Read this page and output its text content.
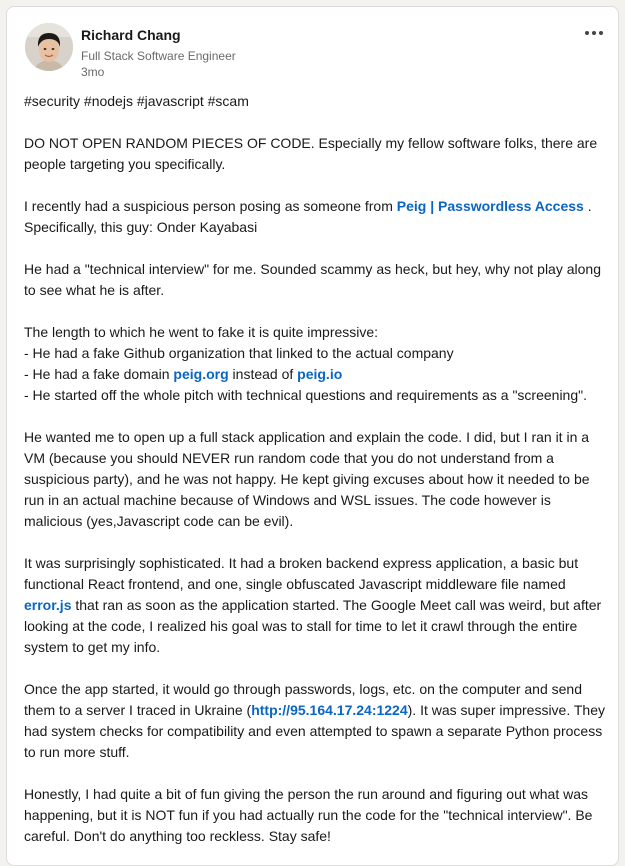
Richard Chang
Full Stack Software Engineer
3mo

#security #nodejs #javascript #scam

DO NOT OPEN RANDOM PIECES OF CODE. Especially my fellow software folks, there are people targeting you specifically.

I recently had a suspicious person posing as someone from Peig | Passwordless Access .
Specifically, this guy: Onder Kayabasi

He had a "technical interview" for me. Sounded scammy as heck, but hey, why not play along to see what he is after.

The length to which he went to fake it is quite impressive:
- He had a fake Github organization that linked to the actual company
- He had a fake domain peig.org instead of peig.io
- He started off the whole pitch with technical questions and requirements as a "screening".

He wanted me to open up a full stack application and explain the code. I did, but I ran it in a VM (because you should NEVER run random code that you do not understand from a suspicious party), and he was not happy. He kept giving excuses about how it needed to be run in an actual machine because of Windows and WSL issues. The code however is malicious (yes,Javascript code can be evil).

It was surprisingly sophisticated. It had a broken backend express application, a basic but functional React frontend, and one, single obfuscated Javascript middleware file named error.js that ran as soon as the application started. The Google Meet call was weird, but after looking at the code, I realized his goal was to stall for time to let it crawl through the entire system to get my info.

Once the app started, it would go through passwords, logs, etc. on the computer and send them to a server I traced in Ukraine (http://95.164.17.24:1224). It was super impressive. They had system checks for compatibility and even attempted to spawn a separate Python process to run more stuff.

Honestly, I had quite a bit of fun giving the person the run around and figuring out what was happening, but it is NOT fun if you had actually run the code for the "technical interview". Be careful. Don't do anything too reckless. Stay safe!
